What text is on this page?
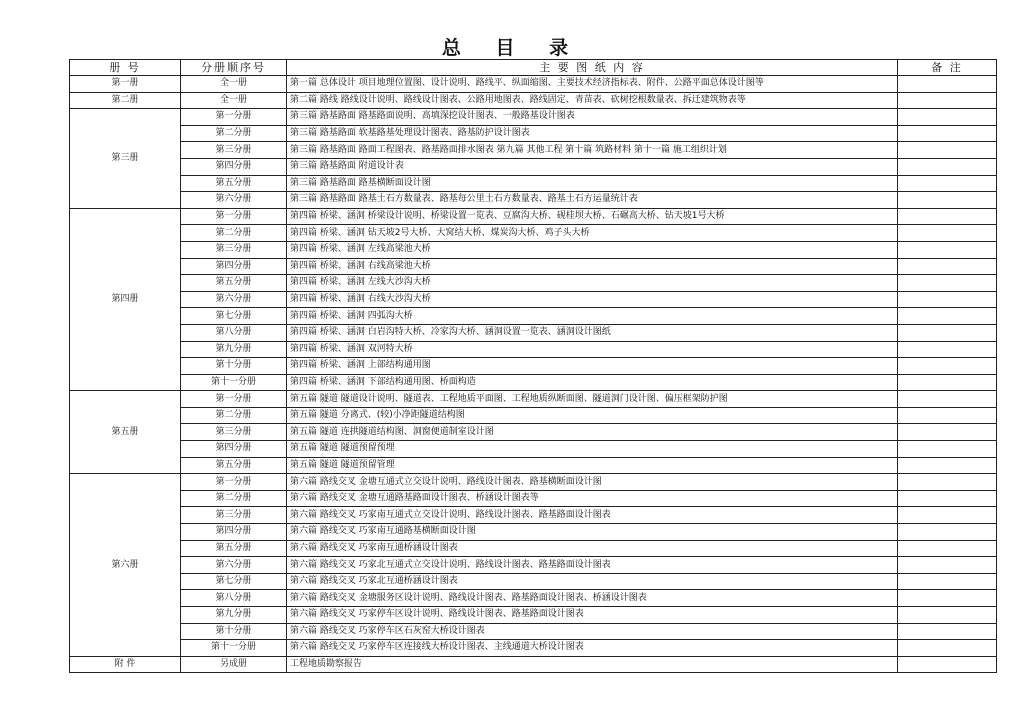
总 目 录
册 号	分册顺序号	主 要 图 纸 内 容	备 注
第一册	全一册	第一篇 总体设计 项目地理位置图、设计说明、路线平、纵面缩图、主要技术经济指标表、附件、公路平面总体设计图等	
第二册	全一册	第二篇 路线 路线设计说明、路线设计图表、公路用地图表、路线固定、青苗表、砍树挖根数量表、拆迁建筑物表等	
第三册	第一分册	第三篇 路基路面 路基路面说明、高填深挖设计图表、一般路基设计图表	
	第二分册	第三篇 路基路面 软基路基处理设计图表、路基防护设计图表	
	第三分册	第三篇 路基路面 路面工程图表、路基路面排水图表 第九篇 其他工程 第十篇 筑路材料 第十一篇 施工组织计划	
	第四分册	第三篇 路基路面 附道设计表	
	第五分册	第三篇 路基路面 路基横断面设计图	
	第六分册	第三篇 路基路面 路基土石方数量表、路基每公里土石方数量表、路基土石方运量统计表	
第四册	第一分册	第四篇 桥梁、涵洞 桥梁设计说明、桥梁设置一览表、豆腐沟大桥、砚桂坝大桥、石碾高大桥、钻天坡1号大桥	
	第二分册	第四篇 桥梁、涵洞 钻天坡2号大桥、大窝结大桥、煤炭沟大桥、鸡子头大桥	
	第三分册	第四篇 桥梁、涵洞 左线高梁池大桥	
	第四分册	第四篇 桥梁、涵洞 右线高梁池大桥	
	第五分册	第四篇 桥梁、涵洞 左线大沙沟大桥	
	第六分册	第四篇 桥梁、涵洞 右线大沙沟大桥	
	第七分册	第四篇 桥梁、涵洞 四弧沟大桥	
	第八分册	第四篇 桥梁、涵洞 白岩沟特大桥、冷家沟大桥、涵洞设置一览表、涵洞设计图纸	
	第九分册	第四篇 桥梁、涵洞 双河特大桥	
	第十分册	第四篇 桥梁、涵洞 上部结构通用图	
	第十一分册	第四篇 桥梁、涵洞 下部结构通用图、桥面构造	
第五册	第一分册	第五篇 隧道 隧道设计说明、隧道表、工程地质平面图、工程地质纵断面图、隧道洞门设计图、偏压框架防护图	
	第二分册	第五篇 隧道 分离式、(较)小净距隧道结构图	
	第三分册	第五篇 隧道 连拱隧道结构图、洞窗便道制室设计图	
	第四分册	第五篇 隧道 隧道预留预埋	
	第五分册	第五篇 隧道 隧道预留管理	
第六册	第一分册	第六篇 路线交叉 金塘互通式立交设计说明、路线设计图表、路基横断面设计图	
	第二分册	第六篇 路线交叉 金塘互通路基路面设计图表、桥涵设计图表等	
	第三分册	第六篇 路线交叉 巧家南互通式立交设计说明、路线设计图表、路基路面设计图表	
	第四分册	第六篇 路线交叉 巧家南互通路基横断面设计图	
	第五分册	第六篇 路线交叉 巧家南互通桥涵设计图表	
	第六分册	第六篇 路线交叉 巧家北互通式立交设计说明、路线设计图表、路基路面设计图表	
	第七分册	第六篇 路线交叉 巧家北互通桥涵设计图表	
	第八分册	第六篇 路线交叉 金塘服务区设计说明、路线设计图表、路基路面设计图表、桥涵设计图表	
	第九分册	第六篇 路线交叉 巧家停车区设计说明、路线设计图表、路基路面设计图表	
	第十分册	第六篇 路线交叉 巧家停车区石灰窑大桥设计图表	
	第十一分册	第六篇 路线交叉 巧家停车区连接线大桥设计图表、主线通道大桥设计图表	
附 件	另成册	工程地质勘察报告	
